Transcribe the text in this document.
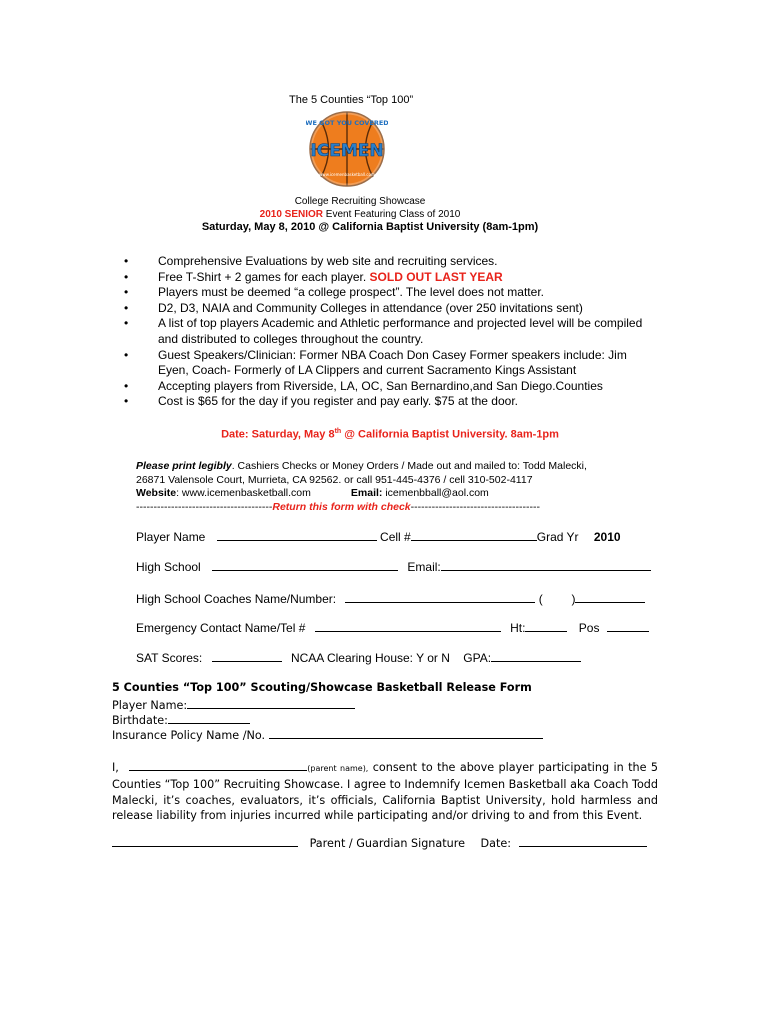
The 5 Counties “Top 100”
WE GOT YOU COVERED
ICEMEN
www.icemenbasketball.com
College Recruiting Showcase
2010 SENIOR Event Featuring Class of 2010
Saturday, May 8, 2010 @ California Baptist University (8am-1pm)
• Comprehensive Evaluations by web site and recruiting services.
• Free T-Shirt + 2 games for each player. SOLD OUT LAST YEAR
• Players must be deemed “a college prospect”. The level does not matter.
• D2, D3, NAIA and Community Colleges in attendance (over 250 invitations sent)
• A list of top players Academic and Athletic performance and projected level will be compiled and distributed to colleges throughout the country.
• Guest Speakers/Clinician: Former NBA Coach Don Casey Former speakers include: Jim Eyen, Coach- Formerly of LA Clippers and current Sacramento Kings Assistant
• Accepting players from Riverside, LA, OC, San Bernardino,and San Diego.Counties
• Cost is $65 for the day if you register and pay early. $75 at the door.
Date: Saturday, May 8th @ California Baptist University. 8am-1pm
Please print legibly. Cashiers Checks or Money Orders / Made out and mailed to: Todd Malecki,
26871 Valensole Court, Murrieta, CA 92562. or call 951-445-4376 / cell 310-502-4117
Website: www.icemenbasketball.com	Email: icemenbball@aol.com
---------------------------------------Return this form with check-------------------------------------
Player Name	Cell #	Grad Yr 2010
High School	Email:
High School Coaches Name/Number:	( )
Emergency Contact Name/Tel #	Ht:	Pos
SAT Scores:	NCAA Clearing House: Y or N GPA:
5 Counties “Top 100” Scouting/Showcase Basketball Release Form
Player Name:
Birthdate:
Insurance Policy Name /No.
I,	(parent name), consent to the above player participating in the 5 Counties “Top 100” Recruiting Showcase. I agree to Indemnify Icemen Basketball aka Coach Todd Malecki, it’s coaches, evaluators, it’s officials, California Baptist University, hold harmless and release liability from injuries incurred while participating and/or driving to and from this Event.
Parent / Guardian Signature Date:
